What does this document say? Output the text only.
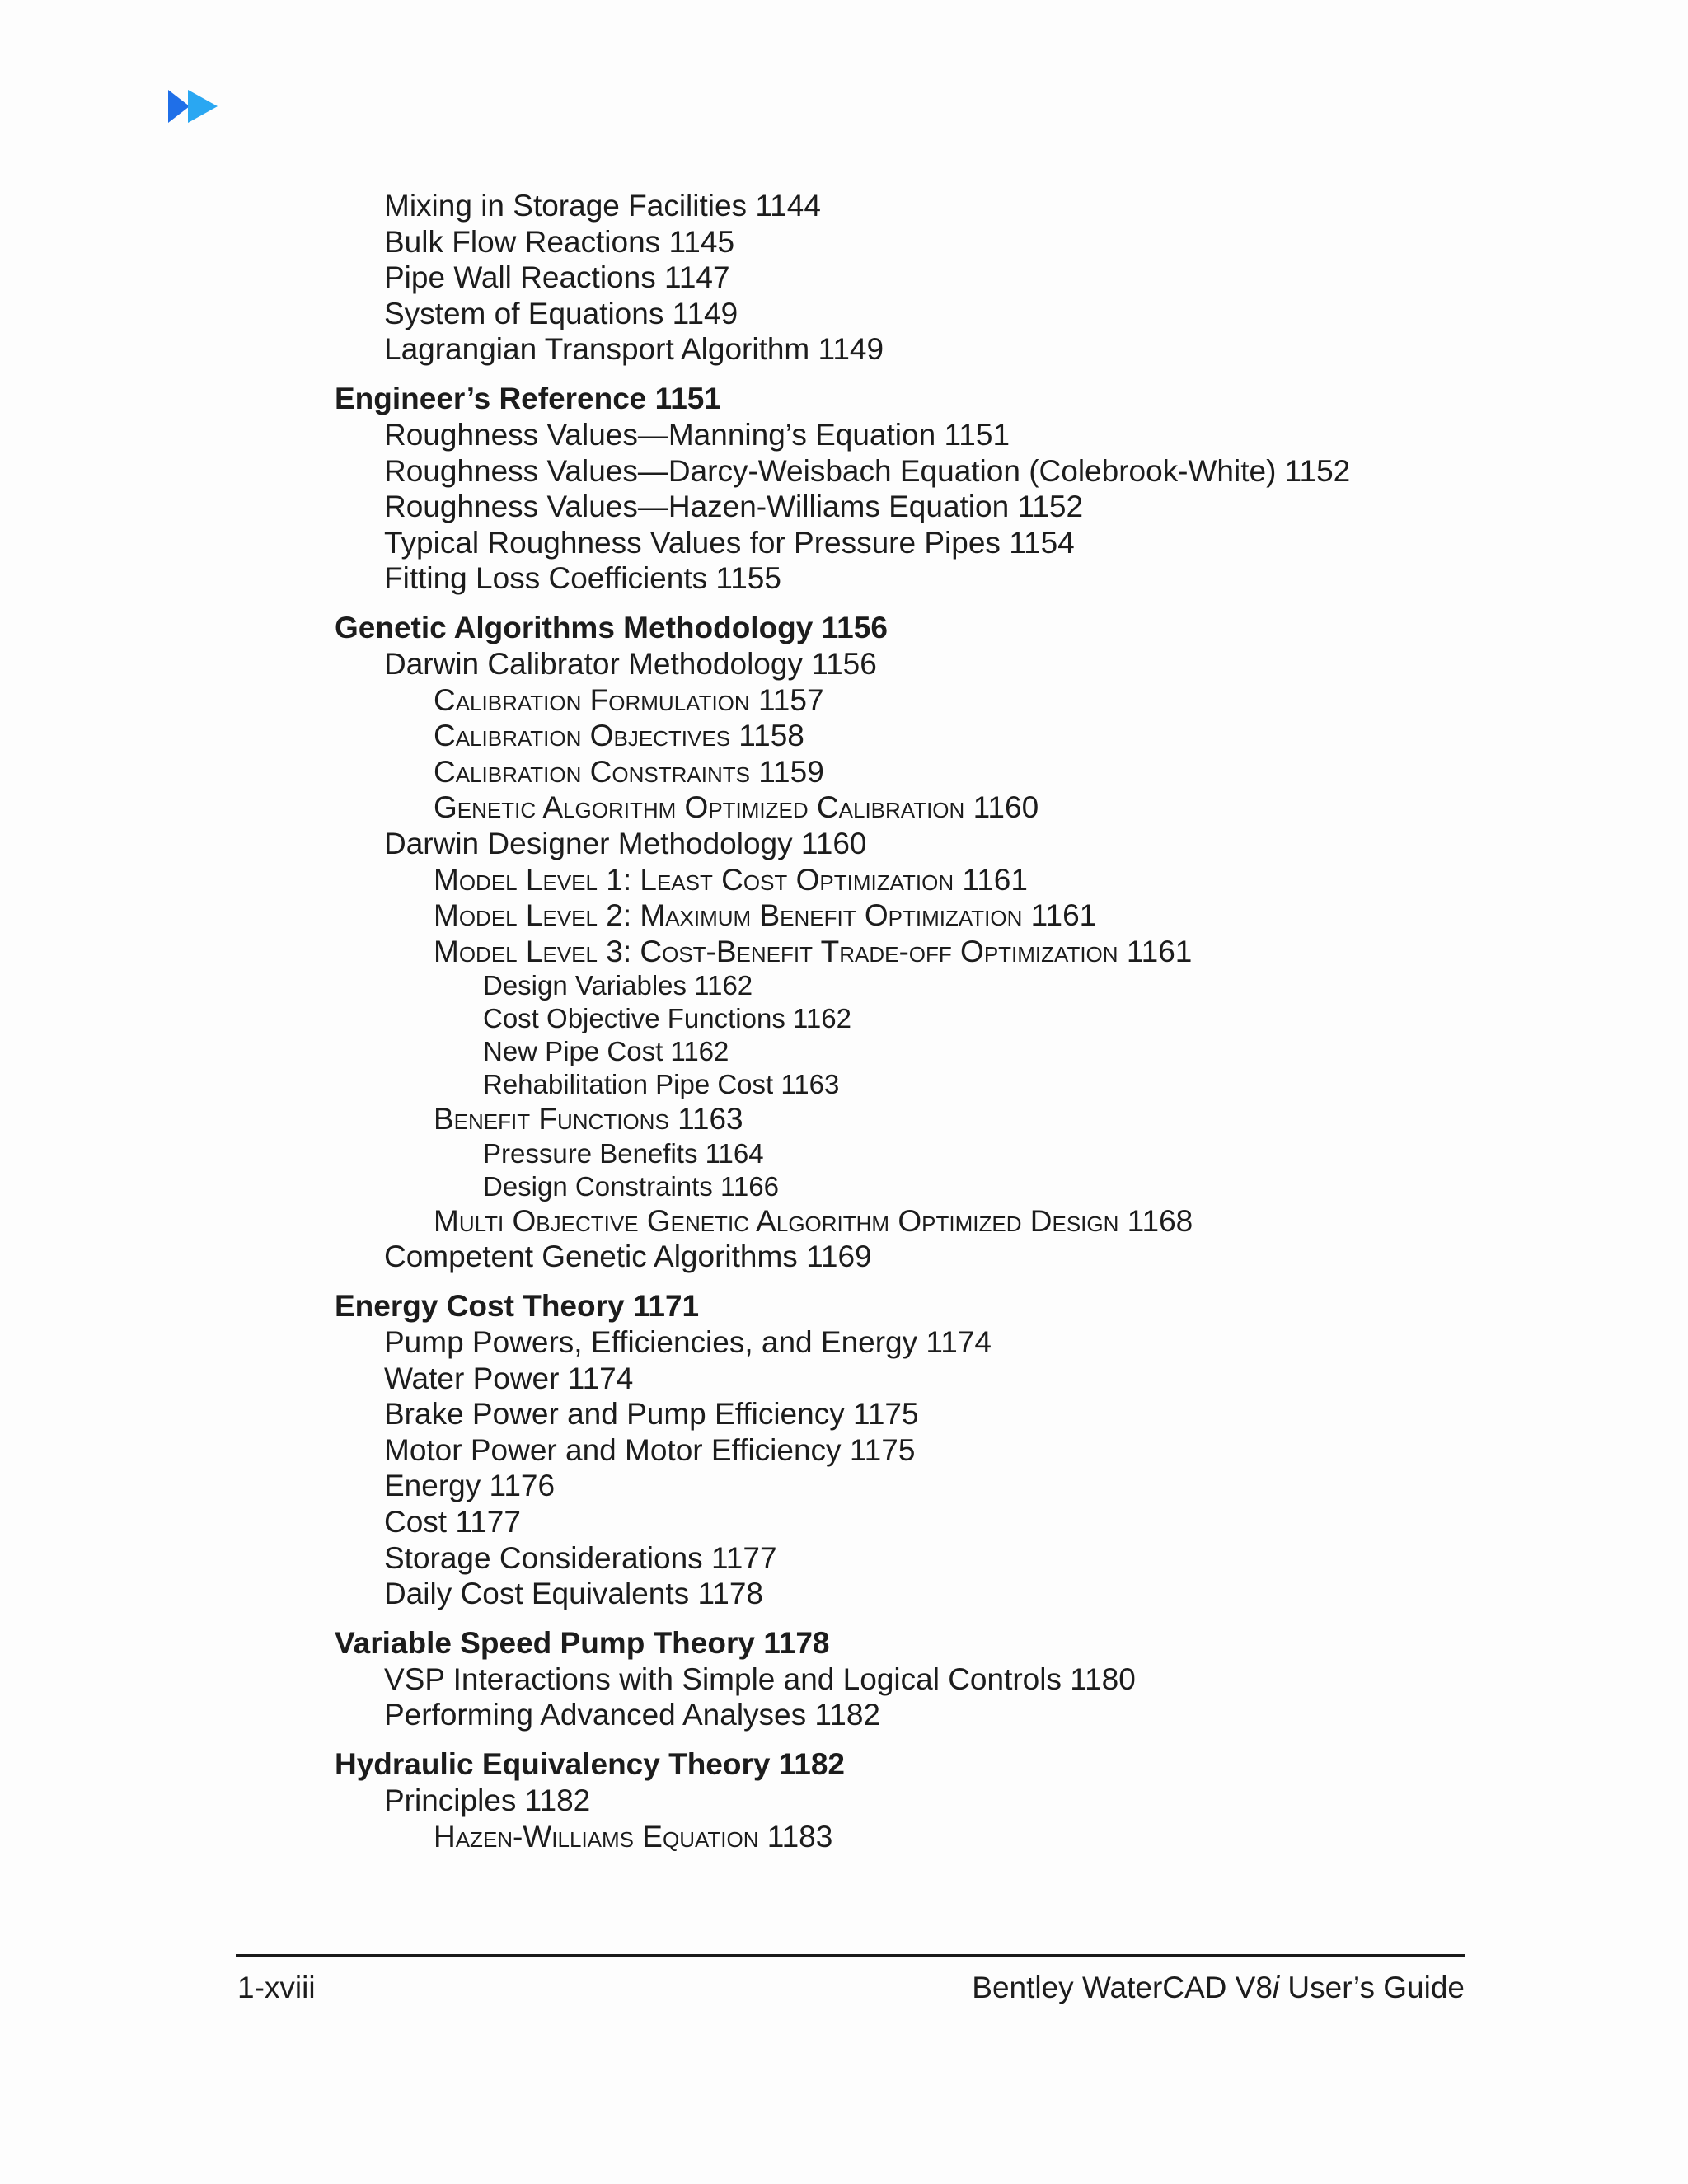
Mixing in Storage Facilities 1144
Bulk Flow Reactions 1145
Pipe Wall Reactions 1147
System of Equations 1149
Lagrangian Transport Algorithm 1149
Engineer’s Reference 1151
Roughness Values—Manning’s Equation 1151
Roughness Values—Darcy-Weisbach Equation (Colebrook-White) 1152
Roughness Values—Hazen-Williams Equation 1152
Typical Roughness Values for Pressure Pipes 1154
Fitting Loss Coefficients 1155
Genetic Algorithms Methodology 1156
Darwin Calibrator Methodology 1156
Calibration Formulation 1157
Calibration Objectives 1158
Calibration Constraints 1159
Genetic Algorithm Optimized Calibration 1160
Darwin Designer Methodology 1160
Model Level 1: Least Cost Optimization 1161
Model Level 2: Maximum Benefit Optimization 1161
Model Level 3: Cost-Benefit Trade-off Optimization 1161
Design Variables 1162
Cost Objective Functions 1162
New Pipe Cost 1162
Rehabilitation Pipe Cost 1163
Benefit Functions 1163
Pressure Benefits 1164
Design Constraints 1166
Multi Objective Genetic Algorithm Optimized Design 1168
Competent Genetic Algorithms 1169
Energy Cost Theory 1171
Pump Powers, Efficiencies, and Energy 1174
Water Power 1174
Brake Power and Pump Efficiency 1175
Motor Power and Motor Efficiency 1175
Energy 1176
Cost 1177
Storage Considerations 1177
Daily Cost Equivalents 1178
Variable Speed Pump Theory 1178
VSP Interactions with Simple and Logical Controls 1180
Performing Advanced Analyses 1182
Hydraulic Equivalency Theory 1182
Principles 1182
Hazen-Williams Equation 1183
1-xviii	Bentley WaterCAD V8i User’s Guide
